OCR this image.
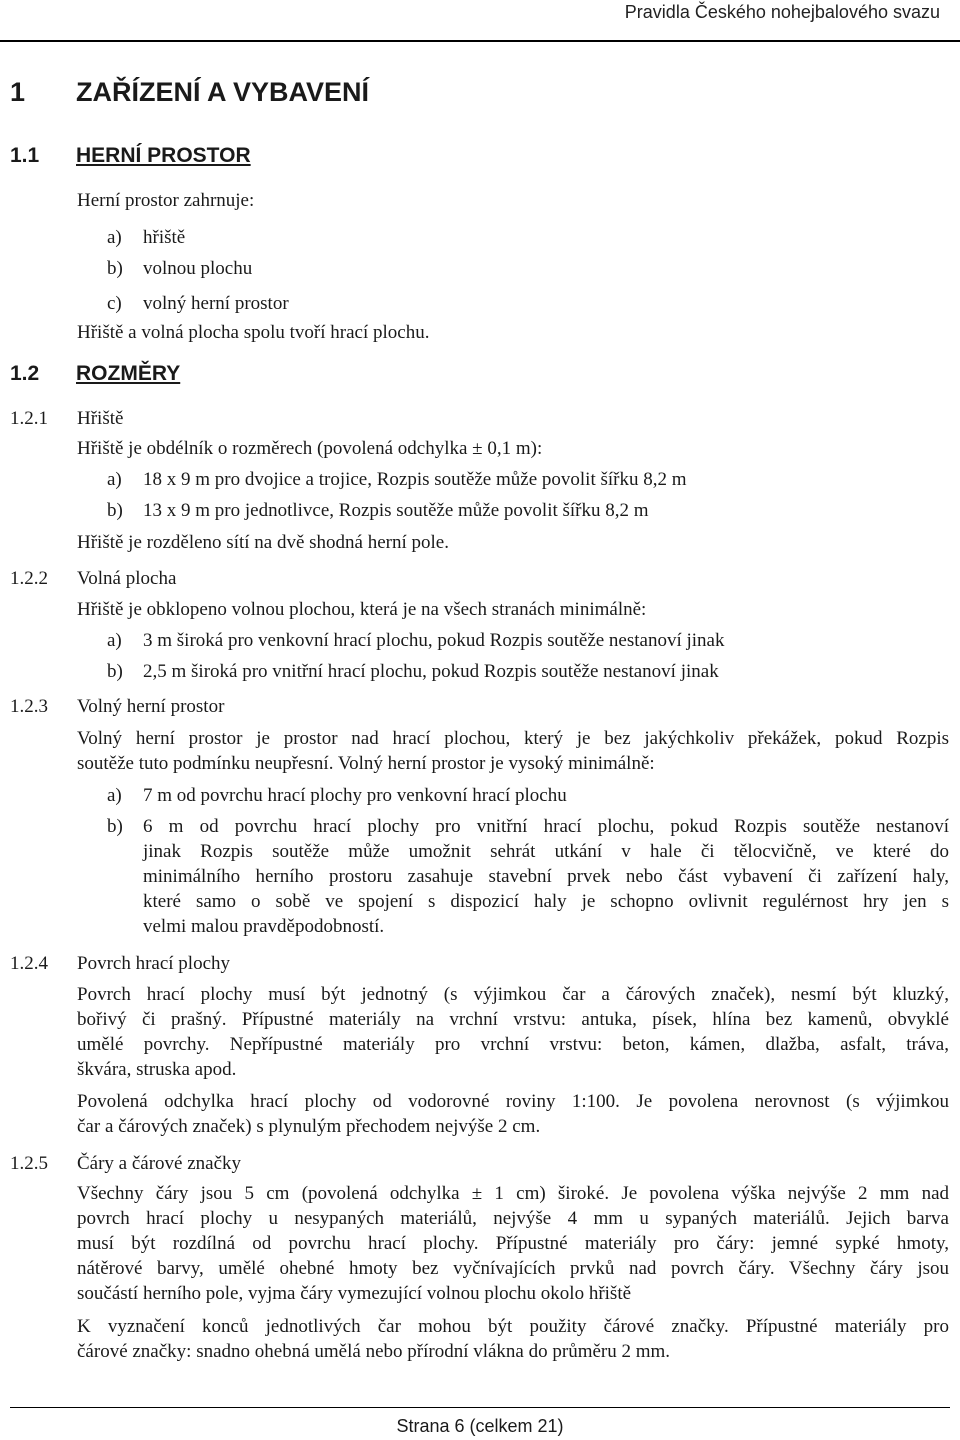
Pravidla Českého nohejbalového svazu
1 ZAŘÍZENÍ A VYBAVENÍ
1.1 HERNÍ PROSTOR
Herní prostor zahrnuje:
a) hřiště
b) volnou plochu
c) volný herní prostor
Hřiště a volná plocha spolu tvoří hrací plochu.
1.2 ROZMĚRY
1.2.1 Hřiště
Hřiště je obdélník o rozměrech (povolená odchylka ± 0,1 m):
a) 18 x 9 m pro dvojice a trojice, Rozpis soutěže může povolit šířku 8,2 m
b) 13 x 9 m pro jednotlivce, Rozpis soutěže může povolit šířku 8,2 m
Hřiště je rozděleno sítí na dvě shodná herní pole.
1.2.2 Volná plocha
Hřiště je obklopeno volnou plochou, která je na všech stranách minimálně:
a) 3 m široká pro venkovní hrací plochu, pokud Rozpis soutěže nestanoví jinak
b) 2,5 m široká pro vnitřní hrací plochu, pokud Rozpis soutěže nestanoví jinak
1.2.3 Volný herní prostor
Volný herní prostor je prostor nad hrací plochou, který je bez jakýchkoliv překážek, pokud Rozpis
soutěže tuto podmínku neupřesní. Volný herní prostor je vysoký minimálně:
a) 7 m od povrchu hrací plochy pro venkovní hrací plochu
b) 6 m od povrchu hrací plochy pro vnitřní hrací plochu, pokud Rozpis soutěže nestanoví
jinak Rozpis soutěže může umožnit sehrát utkání v hale či tělocvičně, ve které do
minimálního herního prostoru zasahuje stavební prvek nebo část vybavení či zařízení haly,
které samo o sobě ve spojení s dispozicí haly je schopno ovlivnit regulérnost hry jen s
velmi malou pravděpodobností.
1.2.4 Povrch hrací plochy
Povrch hrací plochy musí být jednotný (s výjimkou čar a čárových značek), nesmí být kluzký,
bořivý či prašný. Přípustné materiály na vrchní vrstvu: antuka, písek, hlína bez kamenů, obvyklé
umělé povrchy. Nepřípustné materiály pro vrchní vrstvu: beton, kámen, dlažba, asfalt, tráva,
škvára, struska apod.
Povolená odchylka hrací plochy od vodorovné roviny 1:100. Je povolena nerovnost (s výjimkou
čar a čárových značek) s plynulým přechodem nejvýše 2 cm.
1.2.5 Čáry a čárové značky
Všechny čáry jsou 5 cm (povolená odchylka ± 1 cm) široké. Je povolena výška nejvýše 2 mm nad
povrch hrací plochy u nesypaných materiálů, nejvýše 4 mm u sypaných materiálů. Jejich barva
musí být rozdílná od povrchu hrací plochy. Přípustné materiály pro čáry: jemné sypké hmoty,
nátěrové barvy, umělé ohebné hmoty bez vyčnívajících prvků nad povrch čáry. Všechny čáry jsou
součástí herního pole, vyjma čáry vymezující volnou plochu okolo hřiště
K vyznačení konců jednotlivých čar mohou být použity čárové značky. Přípustné materiály pro
čárové značky: snadno ohebná umělá nebo přírodní vlákna do průměru 2 mm.
Strana 6 (celkem 21)
